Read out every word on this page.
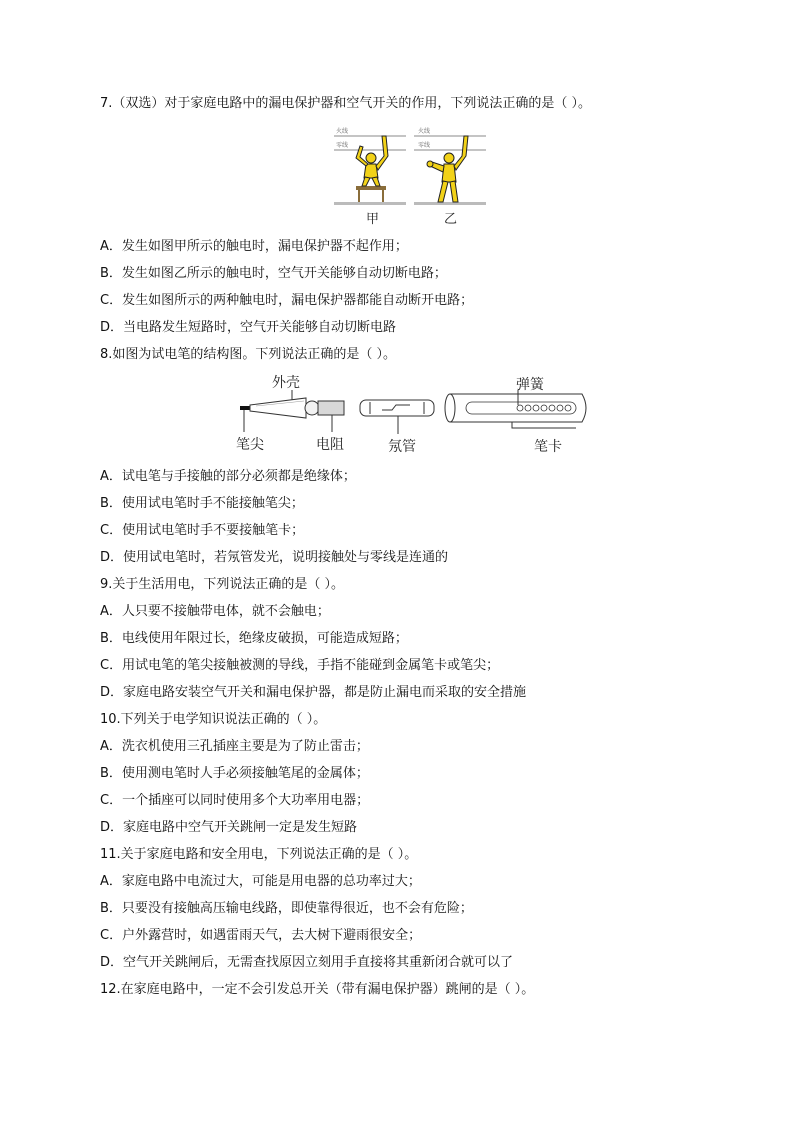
7.（双选）对于家庭电路中的漏电保护器和空气开关的作用，下列说法正确的是（ ）。
火线
零线
火线
零线
甲	乙
A．发生如图甲所示的触电时，漏电保护器不起作用；
B．发生如图乙所示的触电时，空气开关能够自动切断电路；
C．发生如图所示的两种触电时，漏电保护器都能自动断开电路；
D．当电路发生短路时，空气开关能够自动切断电路
8.如图为试电笔的结构图。下列说法正确的是（ ）。
外壳	弹簧
笔尖	电阻	氖管	笔卡
A．试电笔与手接触的部分必须都是绝缘体；
B．使用试电笔时手不能接触笔尖；
C．使用试电笔时手不要接触笔卡；
D．使用试电笔时，若氖管发光，说明接触处与零线是连通的
9.关于生活用电，下列说法正确的是（ ）。
A．人只要不接触带电体，就不会触电；
B．电线使用年限过长，绝缘皮破损，可能造成短路；
C．用试电笔的笔尖接触被测的导线，手指不能碰到金属笔卡或笔尖；
D．家庭电路安装空气开关和漏电保护器，都是防止漏电而采取的安全措施
10.下列关于电学知识说法正确的（ ）。
A．洗衣机使用三孔插座主要是为了防止雷击；
B．使用测电笔时人手必须接触笔尾的金属体；
C．一个插座可以同时使用多个大功率用电器；
D．家庭电路中空气开关跳闸一定是发生短路
11.关于家庭电路和安全用电，下列说法正确的是（ ）。
A．家庭电路中电流过大，可能是用电器的总功率过大；
B．只要没有接触高压输电线路，即使靠得很近，也不会有危险；
C．户外露营时，如遇雷雨天气，去大树下避雨很安全；
D．空气开关跳闸后，无需查找原因立刻用手直接将其重新闭合就可以了
12.在家庭电路中，一定不会引发总开关（带有漏电保护器）跳闸的是（ ）。
